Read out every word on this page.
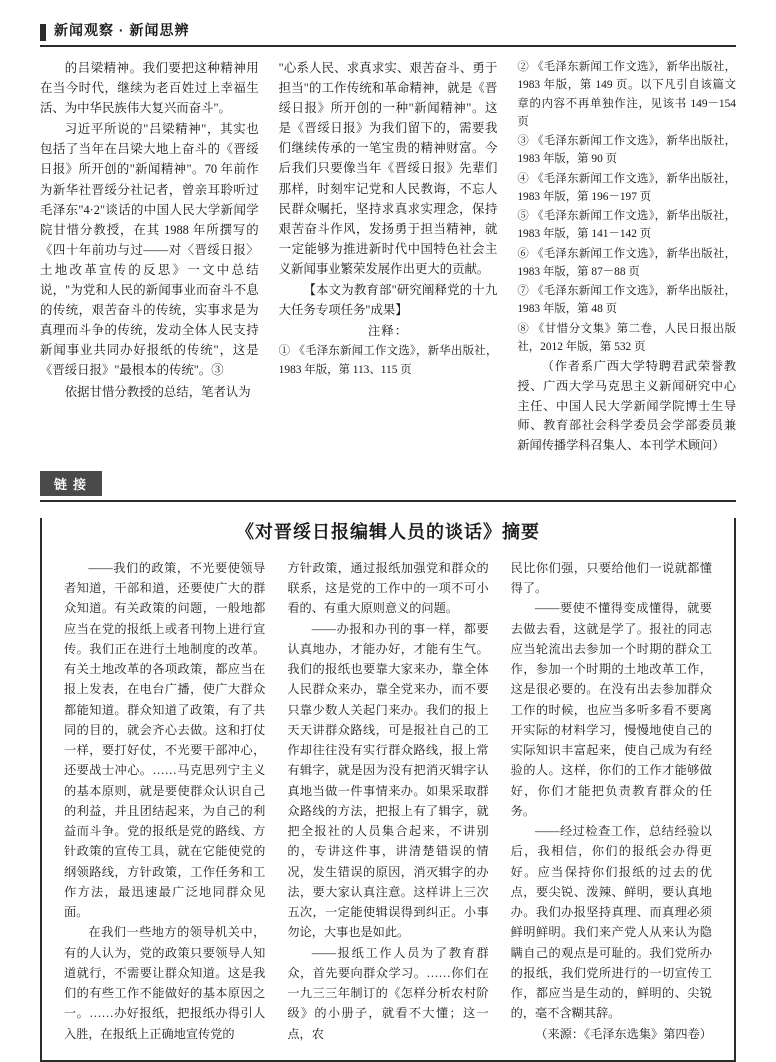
新闻观察 · 新闻思辨

的吕梁精神。我们要把这种精神用在当今时代，继续为老百姓过上幸福生活、为中华民族伟大复兴而奋斗"。

习近平所说的"吕梁精神"，其实也包括了当年在吕梁大地上奋斗的《晋绥日报》所开创的"新闻精神"。70 年前作为新华社晋绥分社记者，曾亲耳聆听过毛泽东"4·2"谈话的中国人民大学新闻学院甘惜分教授，在其 1988 年所撰写的《四十年前功与过——对〈晋绥日报〉土地改革宣传的反思》一文中总结说，"为党和人民的新闻事业而奋斗不息的传统，艰苦奋斗的传统，实事求是为真理而斗争的传统，发动全体人民支持新闻事业共同办好报纸的传统"，这是《晋绥日报》"最根本的传统"。③

依据甘惜分教授的总结，笔者认为

"心系人民、求真求实、艰苦奋斗、勇于担当"的工作传统和革命精神，就是《晋绥日报》所开创的一种"新闻精神"。这是《晋绥日报》为我们留下的，需要我们继续传承的一笔宝贵的精神财富。今后我们只要像当年《晋绥日报》先辈们那样，时刻牢记党和人民教诲，不忘人民群众嘱托，坚持求真求实理念，保持艰苦奋斗作风，发扬勇于担当精神，就一定能够为推进新时代中国特色社会主义新闻事业繁荣发展作出更大的贡献。

【本文为教育部"研究阐释党的十九大任务专项任务"成果】

注释：

① 《毛泽东新闻工作文选》，新华出版社，1983 年版，第 113、115 页

② 《毛泽东新闻工作文选》，新华出版社，1983 年版，第 149 页。以下凡引自该篇文章的内容不再单独作注，见该书 149－154 页

③ 《毛泽东新闻工作文选》，新华出版社，1983 年版，第 90 页

④ 《毛泽东新闻工作文选》，新华出版社，1983 年版，第 196－197 页

⑤ 《毛泽东新闻工作文选》，新华出版社，1983 年版，第 141－142 页

⑥ 《毛泽东新闻工作文选》，新华出版社，1983 年版，第 87－88 页

⑦ 《毛泽东新闻工作文选》，新华出版社，1983 年版，第 48 页

⑧ 《甘惜分文集》第二卷，人民日报出版社，2012 年版，第 532 页

（作者系广西大学特聘君武荣誉教授、广西大学马克思主义新闻研究中心主任、中国人民大学新闻学院博士生导师、教育部社会科学委员会学部委员兼新闻传播学科召集人、本刊学术顾问）

链接
《对晋绥日报编辑人员的谈话》摘要

——我们的政策，不光要使领导者知道，干部和道，还要使广大的群众知道。有关政策的问题，一般地都应当在党的报纸上或者刊物上进行宣传。我们正在进行土地制度的改革。有关土地改革的各项政策，都应当在报上发表，在电台广播，使广大群众都能知道。群众知道了政策，有了共同的目的，就会齐心去做。这和打仗一样，要打好仗，不光要干部冲心，还要战士冲心。……马克思列宁主义的基本原则，就是要使群众认识自己的利益，并且团结起来，为自己的利益而斗争。党的报纸是党的路线、方针政策的宣传工具，就在它能使党的纲领路线，方针政策，工作任务和工作方法，最迅速最广泛地同群众见面。

在我们一些地方的领导机关中，有的人认为，党的政策只要领导人知道就行，不需要让群众知道。这是我们的有些工作不能做好的基本原因之一。……办好报纸，把报纸办得引人入胜，在报纸上正确地宣传党的

方针政策，通过报纸加强党和群众的联系，这是党的工作中的一项不可小看的、有重大原则意义的问题。

——办报和办刊的事一样，都要认真地办，才能办好，才能有生气。我们的报纸也要靠大家来办，靠全体人民群众来办，靠全党来办，而不要只靠少数人关起门来办。我们的报上天天讲群众路线，可是报社自己的工作却往往没有实行群众路线，报上常有辑字，就是因为没有把消灭辑字认真地当做一件事情来办。如果采取群众路线的方法，把报上有了辑字，就把全报社的人员集合起来，不讲别的，专讲这件事，讲清楚错误的情况，发生错误的原因，消灭辑字的办法，要大家认真注意。这样讲上三次五次，一定能使辑误得到纠正。小事勿论，大事也是如此。

——报纸工作人员为了教育群众，首先要向群众学习。……你们在一九三三年制订的《怎样分析农村阶级》的小册子，就看不大懂；这一点，农

民比你们强，只要给他们一说就都懂得了。

——要使不懂得变成懂得，就要去做去看，这就是学了。报社的同志应当轮流出去参加一个时期的群众工作，参加一个时期的土地改革工作，这是很必要的。在没有出去参加群众工作的时候，也应当多听多看不要离开实际的材料学习，慢慢地使自己的实际知识丰富起来，使自己成为有经验的人。这样，你们的工作才能够做好，你们才能把负责教育群众的任务。

——经过检查工作，总结经验以后，我相信，你们的报纸会办得更好。应当保持你们报纸的过去的优点，要尖锐、泼辣、鲜明，要认真地办。我们办报坚持真理、而真理必须鲜明鲜明。我们来产党人从来认为隐瞒自己的观点是可耻的。我们党所办的报纸，我们党所进行的一切宣传工作，都应当是生动的，鲜明的、尖锐的，毫不含糊其辞。

（来源：《毛泽东选集》第四卷）
